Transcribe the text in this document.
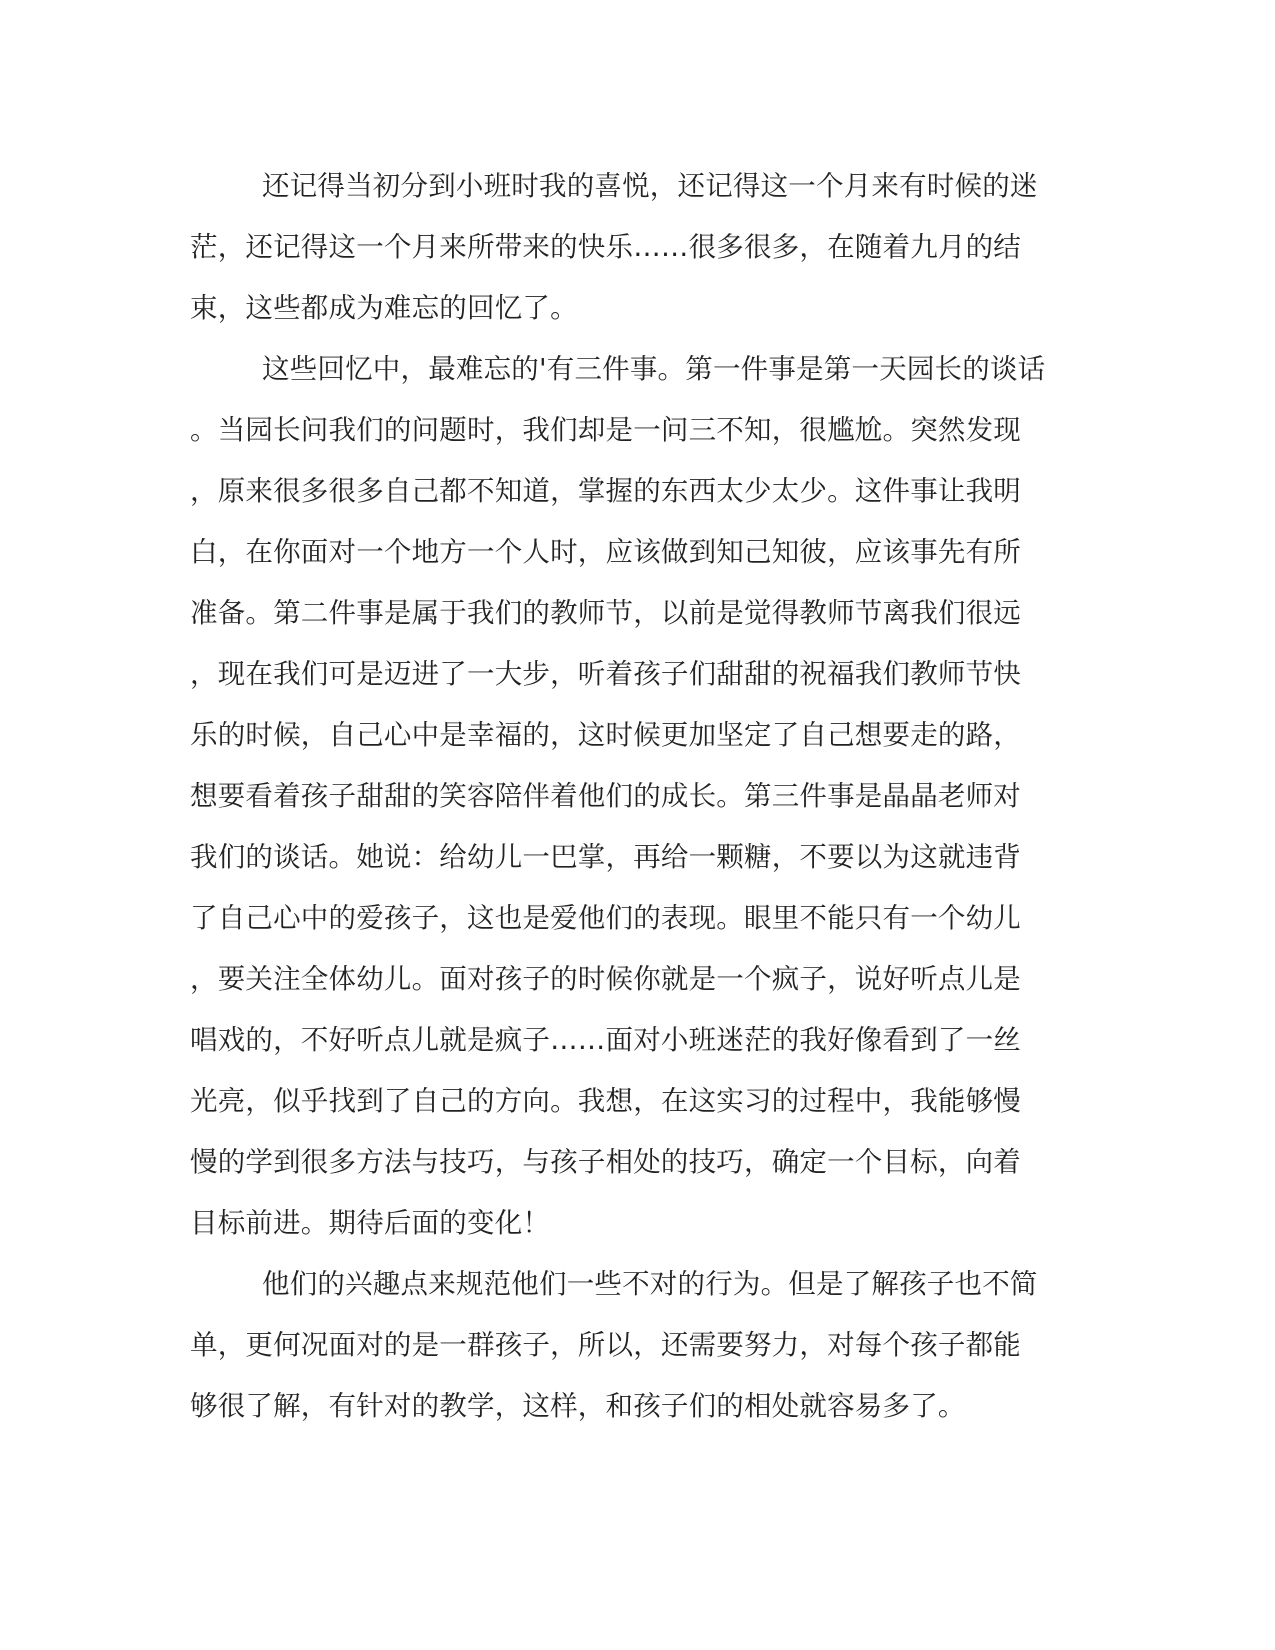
还记得当初分到小班时我的喜悦，还记得这一个月来有时候的迷
茫，还记得这一个月来所带来的快乐……很多很多，在随着九月的结
束，这些都成为难忘的回忆了。
这些回忆中，最难忘的'有三件事。第一件事是第一天园长的谈话
。当园长问我们的问题时，我们却是一问三不知，很尴尬。突然发现
，原来很多很多自己都不知道，掌握的东西太少太少。这件事让我明
白，在你面对一个地方一个人时，应该做到知己知彼，应该事先有所
准备。第二件事是属于我们的教师节，以前是觉得教师节离我们很远
，现在我们可是迈进了一大步，听着孩子们甜甜的祝福我们教师节快
乐的时候，自己心中是幸福的，这时候更加坚定了自己想要走的路，
想要看着孩子甜甜的笑容陪伴着他们的成长。第三件事是晶晶老师对
我们的谈话。她说：给幼儿一巴掌，再给一颗糖，不要以为这就违背
了自己心中的爱孩子，这也是爱他们的表现。眼里不能只有一个幼儿
，要关注全体幼儿。面对孩子的时候你就是一个疯子，说好听点儿是
唱戏的，不好听点儿就是疯子……面对小班迷茫的我好像看到了一丝
光亮，似乎找到了自己的方向。我想，在这实习的过程中，我能够慢
慢的学到很多方法与技巧，与孩子相处的技巧，确定一个目标，向着
目标前进。期待后面的变化！
他们的兴趣点来规范他们一些不对的行为。但是了解孩子也不简
单，更何况面对的是一群孩子，所以，还需要努力，对每个孩子都能
够很了解，有针对的教学，这样，和孩子们的相处就容易多了。
